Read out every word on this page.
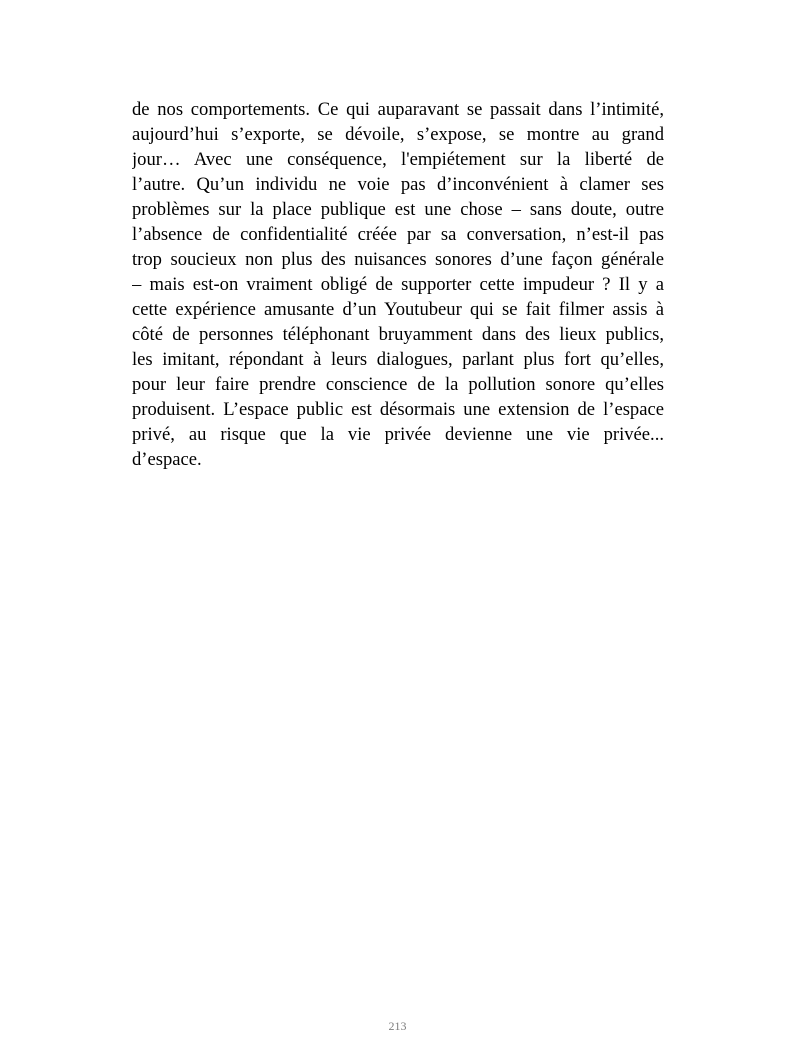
de nos comportements. Ce qui auparavant se passait dans l’intimité,
aujourd’hui s’exporte, se dévoile, s’expose, se montre au grand
jour… Avec une conséquence, l'empiétement sur la liberté de
l’autre. Qu’un individu ne voie pas d’inconvénient à clamer ses
problèmes sur la place publique est une chose – sans doute, outre
l’absence de confidentialité créée par sa conversation, n’est-il pas
trop soucieux non plus des nuisances sonores d’une façon générale
– mais est-on vraiment obligé de supporter cette impudeur ? Il y a
cette expérience amusante d’un Youtubeur qui se fait filmer assis à
côté de personnes téléphonant bruyamment dans des lieux publics,
les imitant, répondant à leurs dialogues, parlant plus fort qu’elles,
pour leur faire prendre conscience de la pollution sonore qu’elles
produisent. L’espace public est désormais une extension de l’espace
privé, au risque que la vie privée devienne une vie privée...
d’espace.
213
